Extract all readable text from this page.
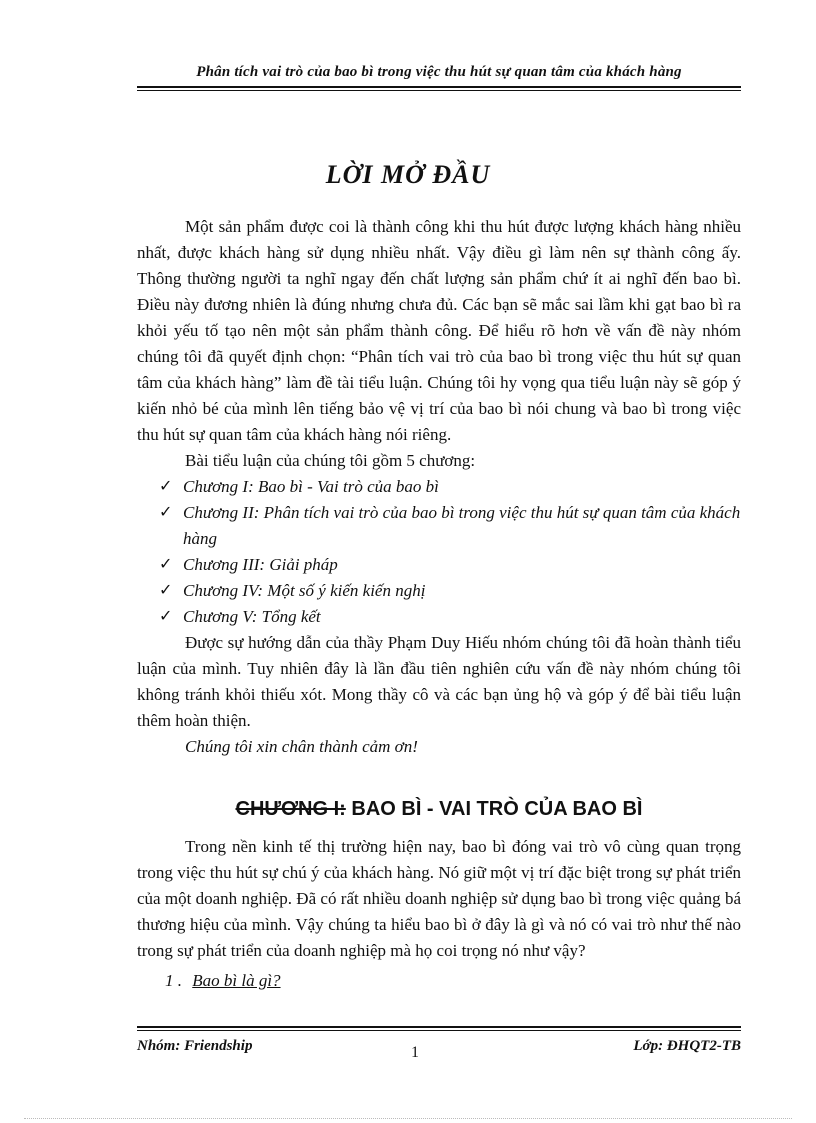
Phân tích vai trò của bao bì trong việc thu hút sự quan tâm của khách hàng
LỜI MỞ ĐẦU

Một sản phẩm được coi là thành công khi thu hút được lượng khách hàng nhiều nhất, được khách hàng sử dụng nhiều nhất. Vậy điều gì làm nên sự thành công ấy. Thông thường người ta nghĩ ngay đến chất lượng sản phẩm chứ ít ai nghĩ đến bao bì. Điều này đương nhiên là đúng nhưng chưa đủ. Các bạn sẽ mắc sai lầm khi gạt bao bì ra khỏi yếu tố tạo nên một sản phẩm thành công. Để hiểu rõ hơn về vấn đề này nhóm chúng tôi đã quyết định chọn: “Phân tích vai trò của bao bì trong việc thu hút sự quan tâm của khách hàng” làm đề tài tiểu luận. Chúng tôi hy vọng qua tiểu luận này sẽ góp ý kiến nhỏ bé của mình lên tiếng bảo vệ vị trí của bao bì nói chung và bao bì trong việc thu hút sự quan tâm của khách hàng nói riêng.

Bài tiểu luận của chúng tôi gồm 5 chương:

✓ Chương I: Bao bì - Vai trò của bao bì
✓ Chương II: Phân tích vai trò của bao bì trong việc thu hút sự quan tâm của khách hàng
✓ Chương III: Giải pháp
✓ Chương IV: Một số ý kiến kiến nghị
✓ Chương V: Tổng kết

Được sự hướng dẫn của thầy Phạm Duy Hiếu nhóm chúng tôi đã hoàn thành tiểu luận của mình. Tuy nhiên đây là lần đầu tiên nghiên cứu vấn đề này nhóm chúng tôi không tránh khỏi thiếu xót. Mong thầy cô và các bạn ủng hộ và góp ý để bài tiểu luận thêm hoàn thiện.

Chúng tôi xin chân thành cảm ơn!

CHƯƠNG I: BAO BÌ - VAI TRÒ CỦA BAO BÌ

Trong nền kinh tế thị trường hiện nay, bao bì đóng vai trò vô cùng quan trọng trong việc thu hút sự chú ý của khách hàng. Nó giữ một vị trí đặc biệt trong sự phát triển của một doanh nghiệp. Đã có rất nhiều doanh nghiệp sử dụng bao bì trong việc quảng bá thương hiệu của mình. Vậy chúng ta hiểu bao bì ở đây là gì và nó có vai trò như thế nào trong sự phát triển của doanh nghiệp mà họ coi trọng nó như vậy?

1 . Bao bì là gì?

Nhóm: Friendship	1	Lớp: ĐHQT2-TB
